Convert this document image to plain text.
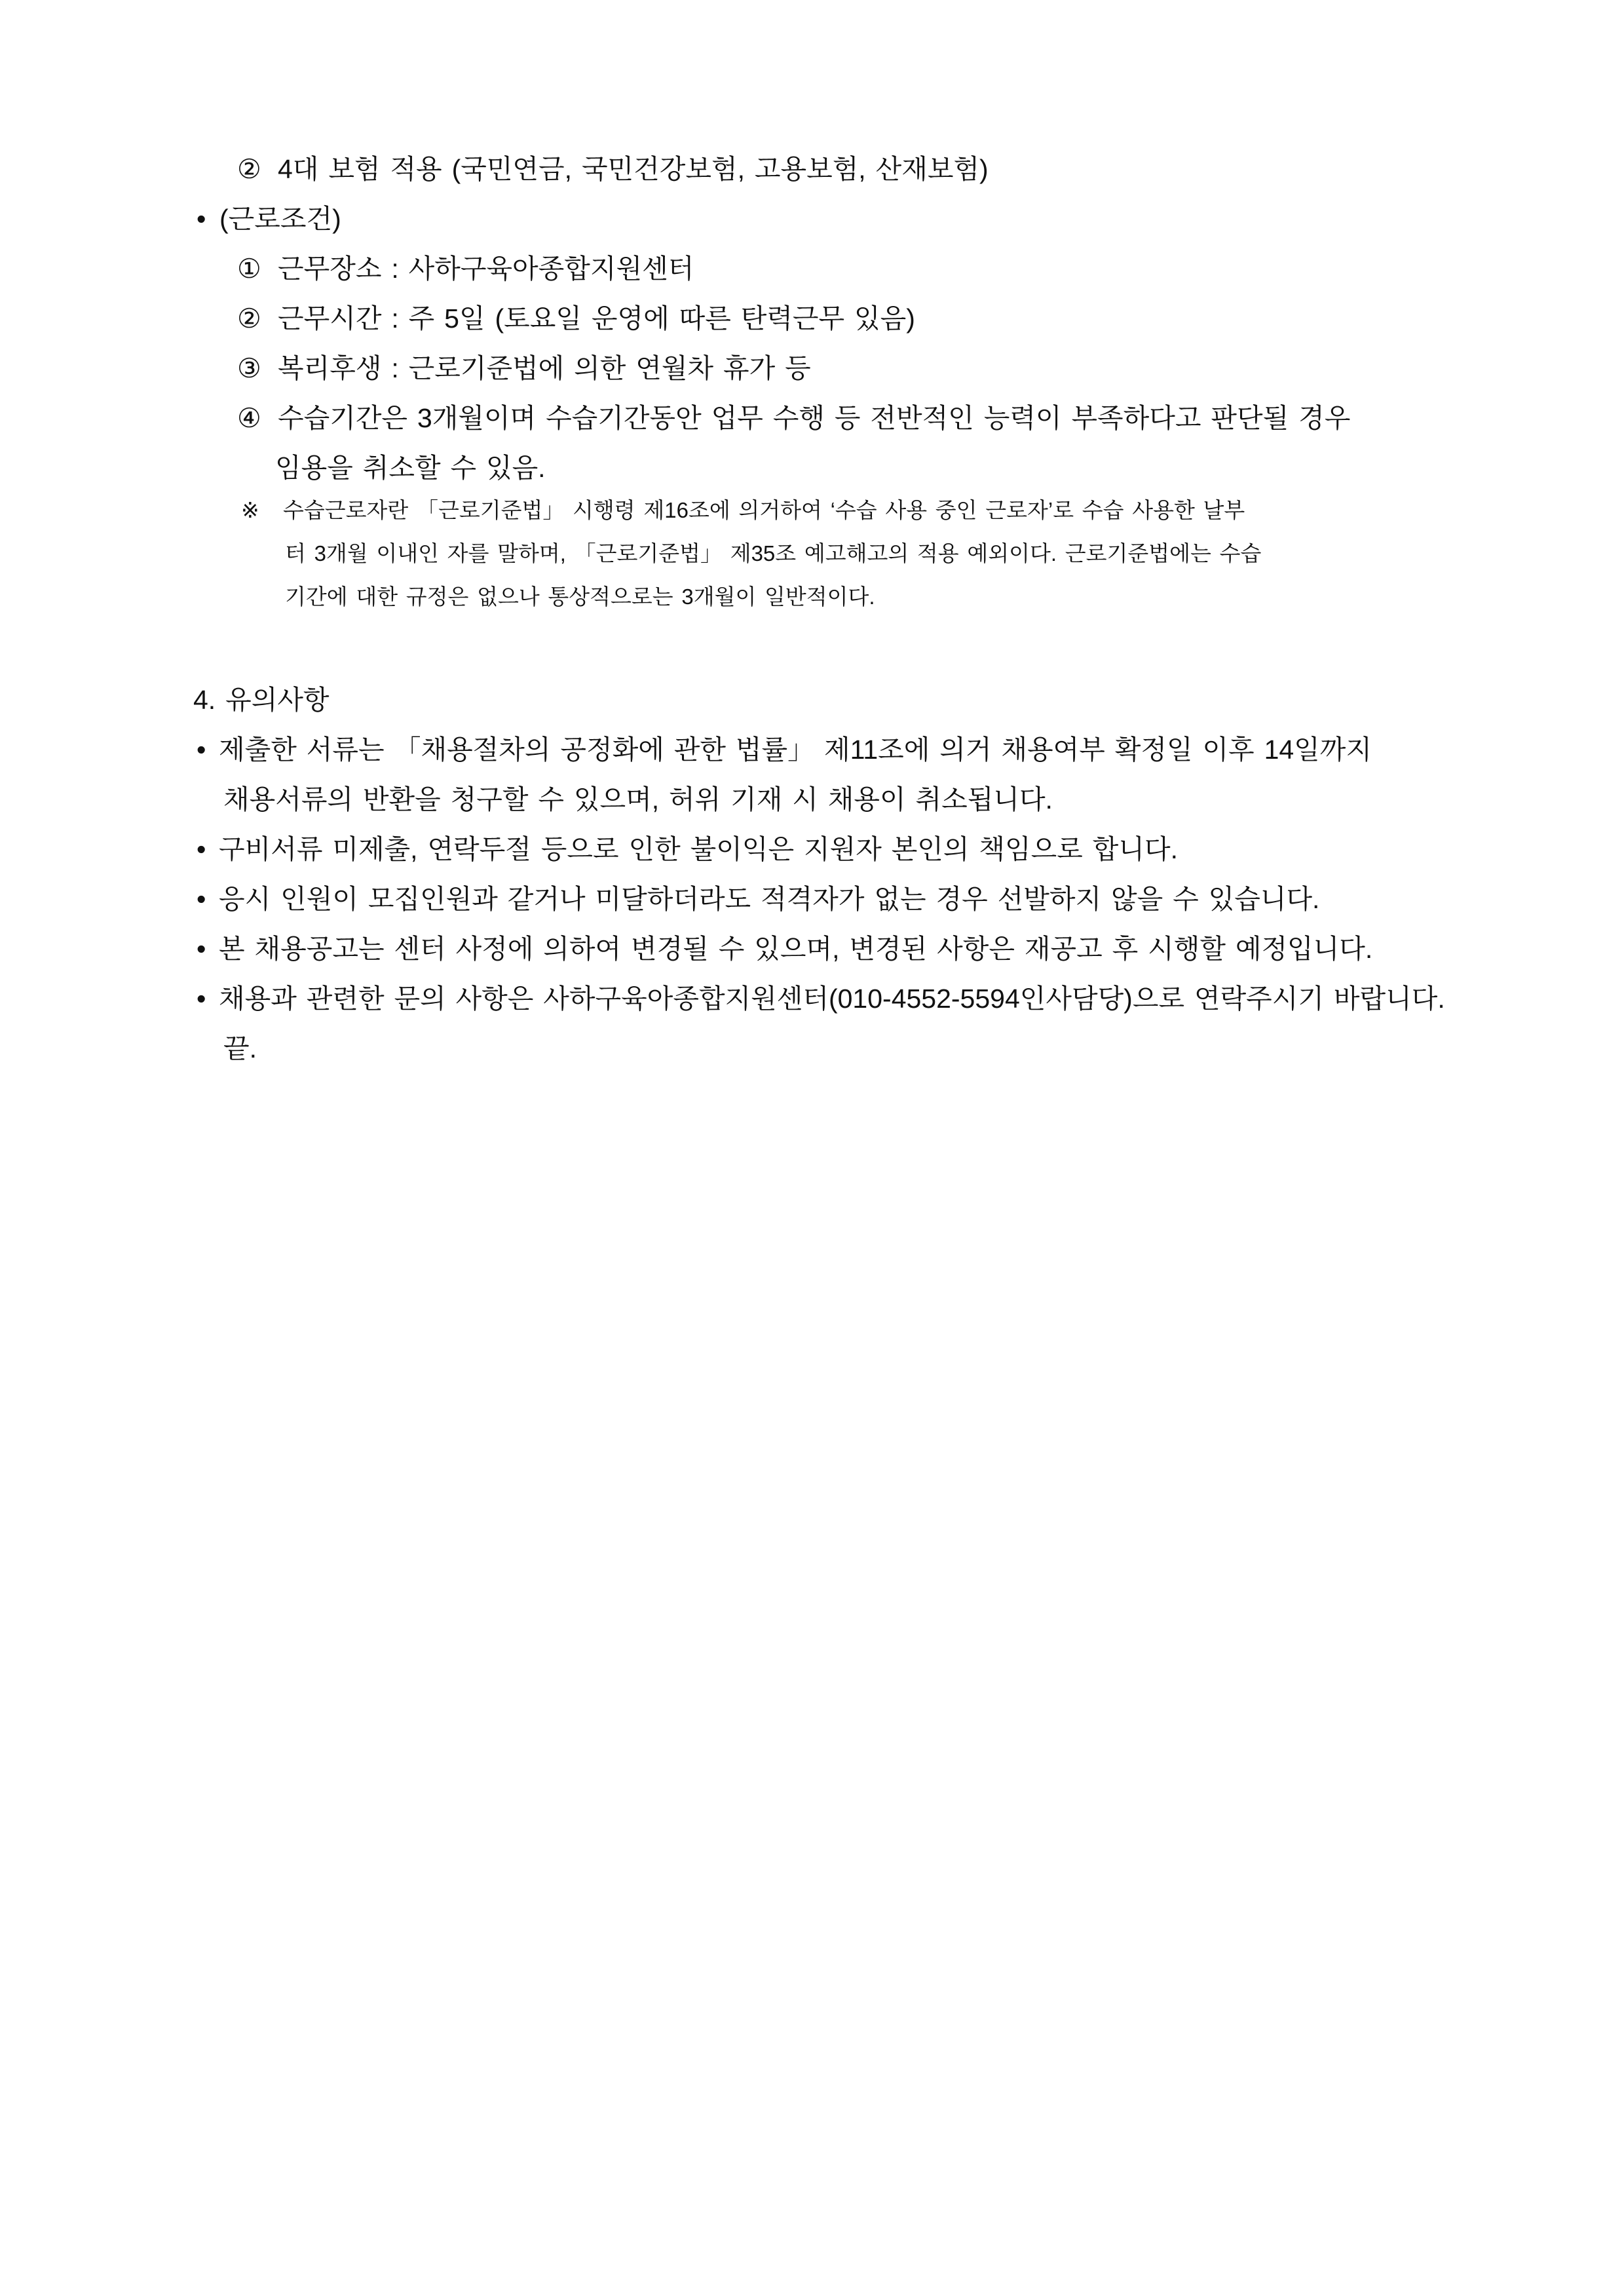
② 4대 보험 적용 (국민연금, 국민건강보험, 고용보험, 산재보험)
• (근로조건)
① 근무장소 : 사하구육아종합지원센터
② 근무시간 : 주 5일 (토요일 운영에 따른 탄력근무 있음)
③ 복리후생 : 근로기준법에 의한 연월차 휴가 등
④ 수습기간은 3개월이며 수습기간동안 업무 수행 등 전반적인 능력이 부족하다고 판단될 경우
임용을 취소할 수 있음.
※ 수습근로자란 「근로기준법」 시행령 제16조에 의거하여 ‘수습 사용 중인 근로자’로 수습 사용한 날부
터 3개월 이내인 자를 말하며, 「근로기준법」 제35조 예고해고의 적용 예외이다. 근로기준법에는 수습
기간에 대한 규정은 없으나 통상적으로는 3개월이 일반적이다.
4. 유의사항
• 제출한 서류는 「채용절차의 공정화에 관한 법률」 제11조에 의거 채용여부 확정일 이후 14일까지
채용서류의 반환을 청구할 수 있으며, 허위 기재 시 채용이 취소됩니다.
• 구비서류 미제출, 연락두절 등으로 인한 불이익은 지원자 본인의 책임으로 합니다.
• 응시 인원이 모집인원과 같거나 미달하더라도 적격자가 없는 경우 선발하지 않을 수 있습니다.
• 본 채용공고는 센터 사정에 의하여 변경될 수 있으며, 변경된 사항은 재공고 후 시행할 예정입니다.
• 채용과 관련한 문의 사항은 사하구육아종합지원센터(010-4552-5594인사담당)으로 연락주시기 바랍니다.
끝.
